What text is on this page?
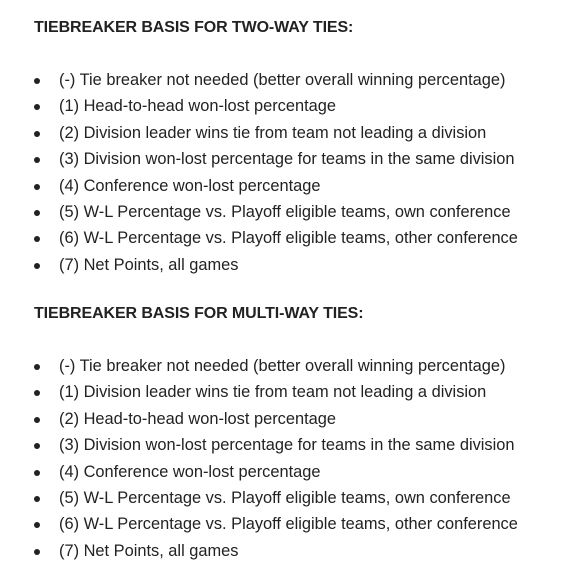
TIEBREAKER BASIS FOR TWO-WAY TIES:
(-) Tie breaker not needed (better overall winning percentage)
(1) Head-to-head won-lost percentage
(2) Division leader wins tie from team not leading a division
(3) Division won-lost percentage for teams in the same division
(4) Conference won-lost percentage
(5) W-L Percentage vs. Playoff eligible teams, own conference
(6) W-L Percentage vs. Playoff eligible teams, other conference
(7) Net Points, all games
TIEBREAKER BASIS FOR MULTI-WAY TIES:
(-) Tie breaker not needed (better overall winning percentage)
(1) Division leader wins tie from team not leading a division
(2) Head-to-head won-lost percentage
(3) Division won-lost percentage for teams in the same division
(4) Conference won-lost percentage
(5) W-L Percentage vs. Playoff eligible teams, own conference
(6) W-L Percentage vs. Playoff eligible teams, other conference
(7) Net Points, all games
